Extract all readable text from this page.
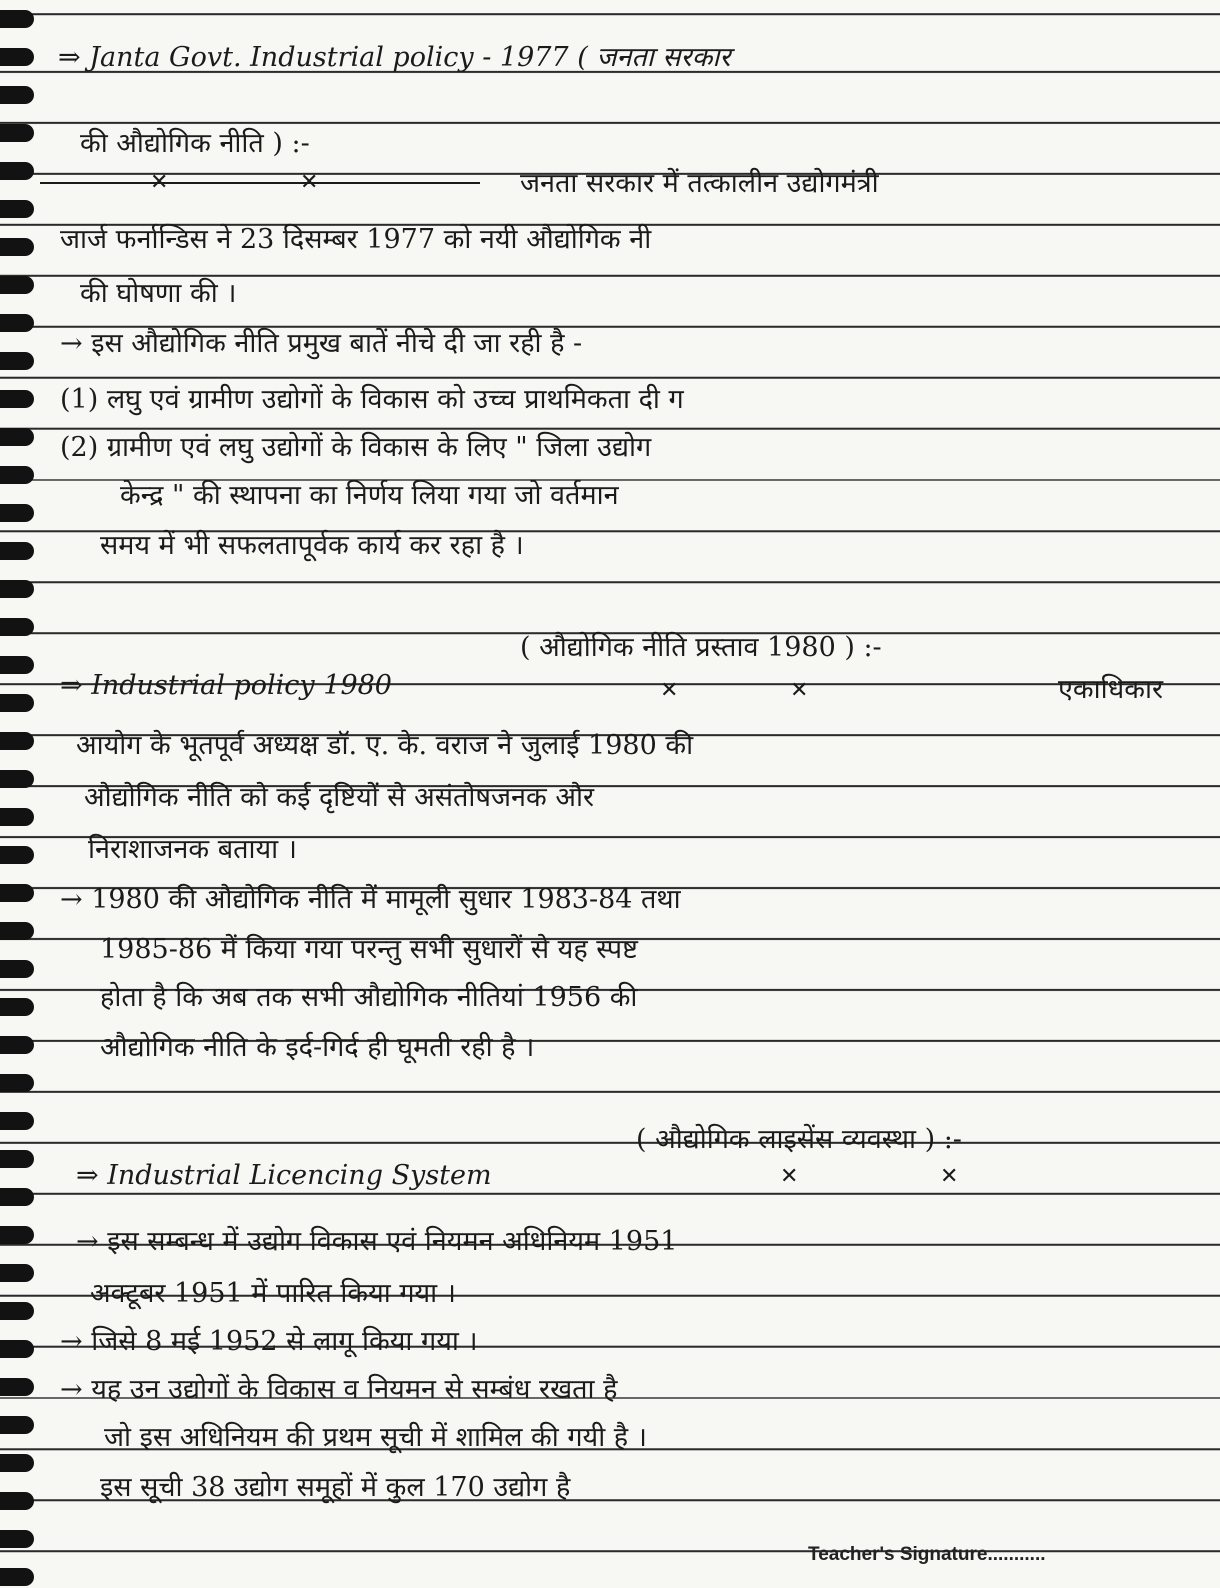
⇒ Janta Govt. Industrial policy - 1977 ( जनता सरकार
की औद्योगिक नीति ) :-
✕	✕	जनता सरकार में तत्कालीन उद्योगमंत्री
जार्ज फर्नान्डिस ने 23 दिसम्बर 1977 को नयी औद्योगिक नी
की घोषणा की ।
→ इस औद्योगिक नीति प्रमुख बातें नीचे दी जा रही है -
(1) लघु एवं ग्रामीण उद्योगों के विकास को उच्च प्राथमिकता दी ग
(2) ग्रामीण एवं लघु उद्योगों के विकास के लिए " जिला उद्योग
केन्द्र " की स्थापना का निर्णय लिया गया जो वर्तमान
समय में भी सफलतापूर्वक कार्य कर रहा है ।
( औद्योगिक नीति प्रस्ताव 1980 ) :-
⇒ Industrial policy 1980	✕	✕	एकाधिकार
आयोग के भूतपूर्व अध्यक्ष डॉ. ए. के. वराज ने जुलाई 1980 की
औद्योगिक नीति को कई दृष्टियों से असंतोषजनक और
निराशाजनक बताया ।
→ 1980 की औद्योगिक नीति में मामूली सुधार 1983-84 तथा
1985-86 में किया गया परन्तु सभी सुधारों से यह स्पष्ट
होता है कि अब तक सभी औद्योगिक नीतियां 1956 की
औद्योगिक नीति के इर्द-गिर्द ही घूमती रही है ।
( औद्योगिक लाइसेंस व्यवस्था ) :-
⇒ Industrial Licencing System	✕	✕
→ इस सम्बन्ध में उद्योग विकास एवं नियमन अधिनियम 1951
अक्टूबर 1951 में पारित किया गया ।
→ जिसे 8 मई 1952 से लागू किया गया ।
→ यह उन उद्योगों के विकास व नियमन से सम्बंध रखता है
जो इस अधिनियम की प्रथम सूची में शामिल की गयी है ।
इस सूची 38 उद्योग समूहों में कुल 170 उद्योग है
Teacher's Signature...........
